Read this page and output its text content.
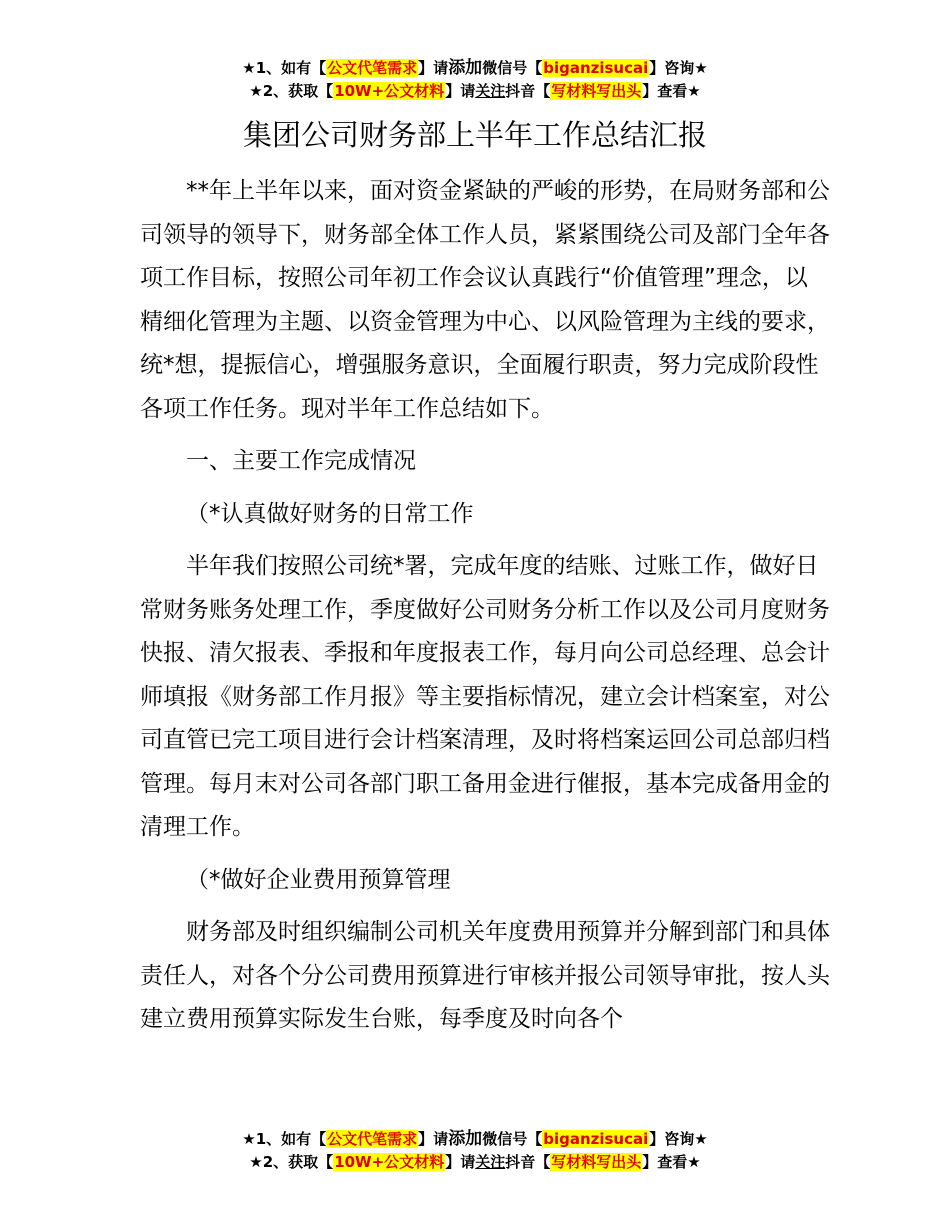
★1、如有【公文代笔需求】请添加微信号【biganzisucai】咨询★
★2、获取【10W+公文材料】请关注抖音【写材料写出头】查看★
集团公司财务部上半年工作总结汇报

**年上半年以来，面对资金紧缺的严峻的形势，在局财务部和公司领导的领导下，财务部全体工作人员，紧紧围绕公司及部门全年各项工作目标，按照公司年初工作会议认真践行“价值管理”理念，以精细化管理为主题、以资金管理为中心、以风险管理为主线的要求，统*想，提振信心，增强服务意识，全面履行职责，努力完成阶段性各项工作任务。现对半年工作总结如下。

一、主要工作完成情况

（*认真做好财务的日常工作

半年我们按照公司统*署，完成年度的结账、过账工作，做好日常财务账务处理工作，季度做好公司财务分析工作以及公司月度财务快报、清欠报表、季报和年度报表工作，每月向公司总经理、总会计师填报《财务部工作月报》等主要指标情况，建立会计档案室，对公司直管已完工项目进行会计档案清理，及时将档案运回公司总部归档管理。每月末对公司各部门职工备用金进行催报，基本完成备用金的清理工作。

（*做好企业费用预算管理

财务部及时组织编制公司机关年度费用预算并分解到部门和具体责任人，对各个分公司费用预算进行审核并报公司领导审批，按人头建立费用预算实际发生台账，每季度及时向各个

★1、如有【公文代笔需求】请添加微信号【biganzisucai】咨询★
★2、获取【10W+公文材料】请关注抖音【写材料写出头】查看★
